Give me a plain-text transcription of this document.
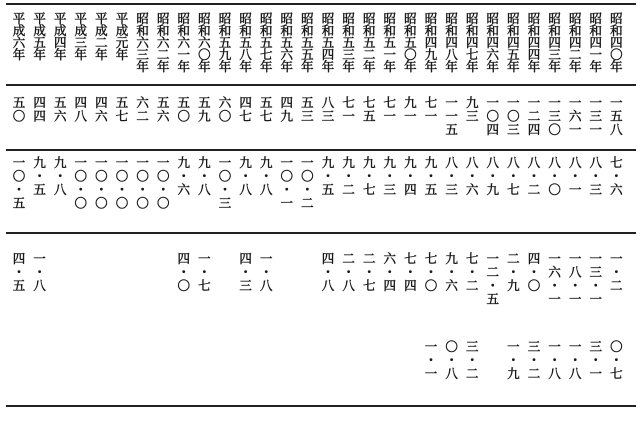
平成六年
五〇
一〇・五
四・五
平成五年
四四
九・五
一・八
平成四年
五六
九・八
平成三年
四八
一〇・〇
平成二年
四六
一〇・〇
平成元年
五七
一〇・〇
昭和六三年
六二
一〇・〇
昭和六二年
五六
一〇・〇
昭和六一年
五〇
九・六
四・〇
昭和六〇年
五九
九・八
一・七
昭和五九年
六〇
一〇・三
昭和五八年
四七
九・八
四・三
昭和五七年
五七
九・八
一・八
昭和五六年
四九
一〇・一
昭和五五年
五三
一〇・二
昭和五四年
八三
九・五
四・八
昭和五三年
七一
九・二
二・八
昭和五二年
七五
九・七
二・七
昭和五一年
七一
九・三
六・四
昭和五〇年
九一
九・四
七・四
昭和四九年
七一
九・五
七・〇
一・一
昭和四八年
一一五
八・三
九・六
〇・八
昭和四七年
九三
八・六
七・二
三・二
昭和四六年
一〇四
八・九
一二・五
昭和四五年
一〇三
八・七
二・九
一・九
昭和四四年
一二四
八・二
四・〇
三・二
昭和四三年
一三〇
八・〇
一六・一
一・八
昭和四二年
一六一
八・一
一八・一
一・八
昭和四一年
一三一
八・三
一三・一
三・一
昭和四〇年
一五八
七・六
一・二
〇・七
